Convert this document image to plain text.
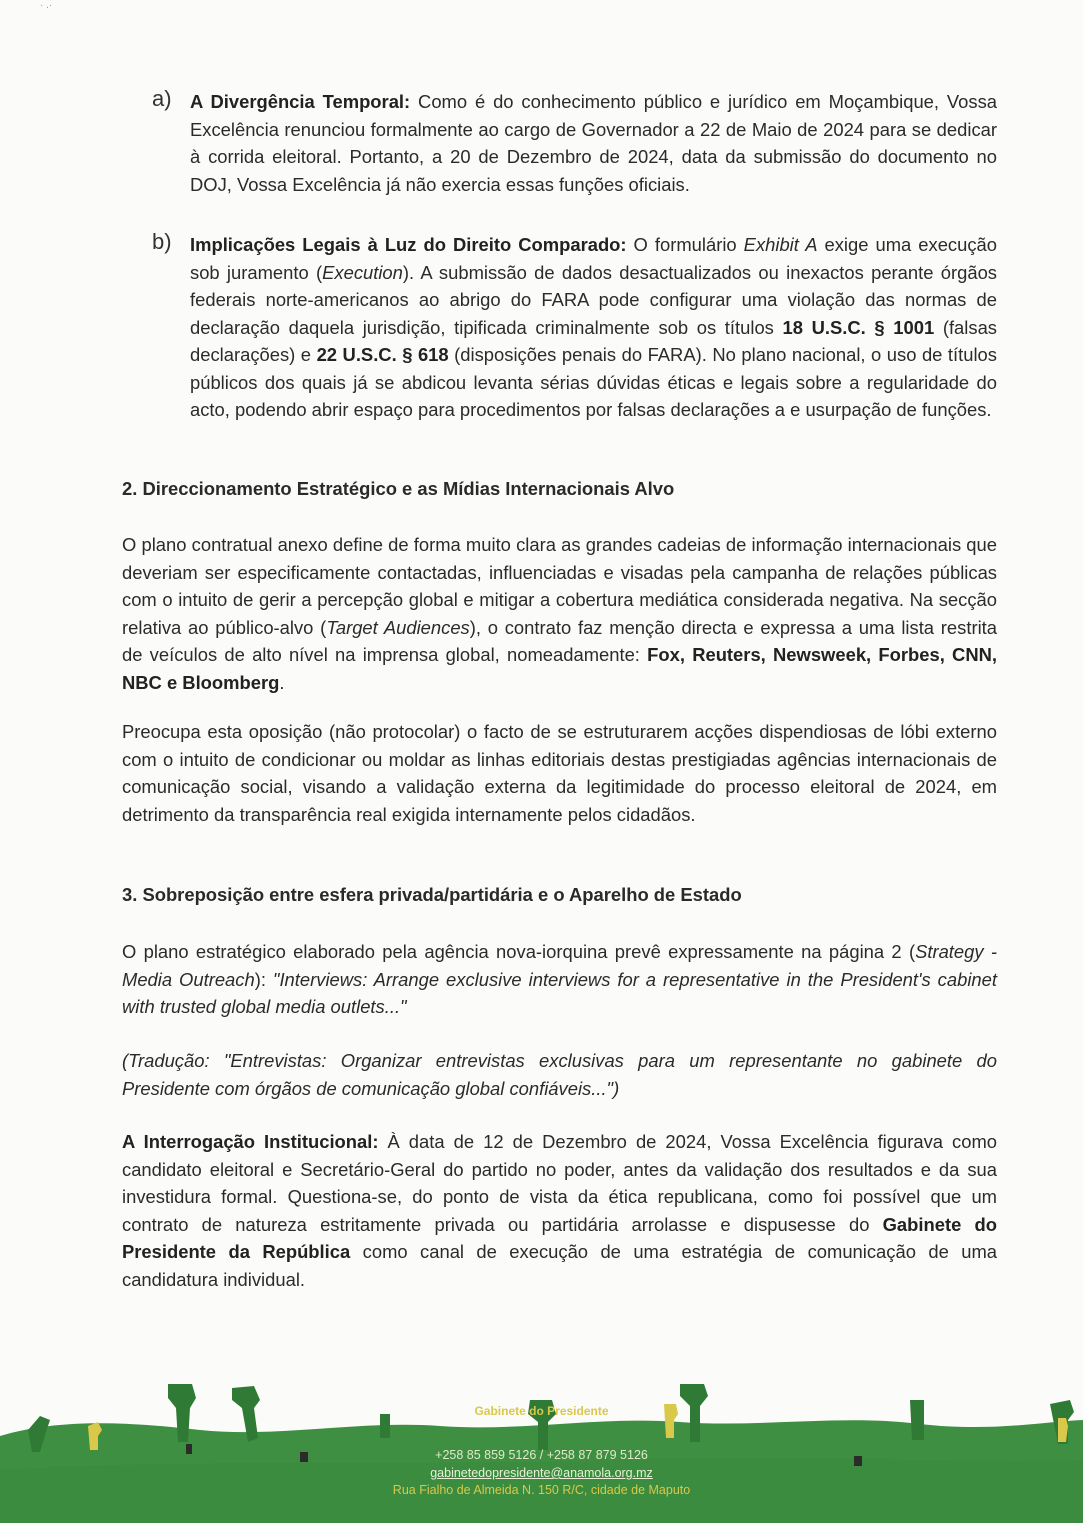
· .·
a) A Divergência Temporal: Como é do conhecimento público e jurídico em Moçambique, Vossa Excelência renunciou formalmente ao cargo de Governador a 22 de Maio de 2024 para se dedicar à corrida eleitoral. Portanto, a 20 de Dezembro de 2024, data da submissão do documento no DOJ, Vossa Excelência já não exercia essas funções oficiais.
b) Implicações Legais à Luz do Direito Comparado: O formulário Exhibit A exige uma execução sob juramento (Execution). A submissão de dados desactualizados ou inexactos perante órgãos federais norte-americanos ao abrigo do FARA pode configurar uma violação das normas de declaração daquela jurisdição, tipificada criminalmente sob os títulos 18 U.S.C. § 1001 (falsas declarações) e 22 U.S.C. § 618 (disposições penais do FARA). No plano nacional, o uso de títulos públicos dos quais já se abdicou levanta sérias dúvidas éticas e legais sobre a regularidade do acto, podendo abrir espaço para procedimentos por falsas declarações a e usurpação de funções.
2. Direccionamento Estratégico e as Mídias Internacionais Alvo
O plano contratual anexo define de forma muito clara as grandes cadeias de informação internacionais que deveriam ser especificamente contactadas, influenciadas e visadas pela campanha de relações públicas com o intuito de gerir a percepção global e mitigar a cobertura mediática considerada negativa. Na secção relativa ao público-alvo (Target Audiences), o contrato faz menção directa e expressa a uma lista restrita de veículos de alto nível na imprensa global, nomeadamente: Fox, Reuters, Newsweek, Forbes, CNN, NBC e Bloomberg.
Preocupa esta oposição (não protocolar) o facto de se estruturarem acções dispendiosas de lóbi externo com o intuito de condicionar ou moldar as linhas editoriais destas prestigiadas agências internacionais de comunicação social, visando a validação externa da legitimidade do processo eleitoral de 2024, em detrimento da transparência real exigida internamente pelos cidadãos.
3. Sobreposição entre esfera privada/partidária e o Aparelho de Estado
O plano estratégico elaborado pela agência nova-iorquina prevê expressamente na página 2 (Strategy - Media Outreach): "Interviews: Arrange exclusive interviews for a representative in the President's cabinet with trusted global media outlets..."
(Tradução: "Entrevistas: Organizar entrevistas exclusivas para um representante no gabinete do Presidente com órgãos de comunicação global confiáveis...")
A Interrogação Institucional: À data de 12 de Dezembro de 2024, Vossa Excelência figurava como candidato eleitoral e Secretário-Geral do partido no poder, antes da validação dos resultados e da sua investidura formal. Questiona-se, do ponto de vista da ética republicana, como foi possível que um contrato de natureza estritamente privada ou partidária arrolasse e dispusesse do Gabinete do Presidente da República como canal de execução de uma estratégia de comunicação de uma candidatura individual.
Gabinete do Presidente
+258 85 859 5126 / +258 87 879 5126
gabinetedopresidente@anamola.org.mz
Rua Fialho de Almeida N. 150 R/C, cidade de Maputo
